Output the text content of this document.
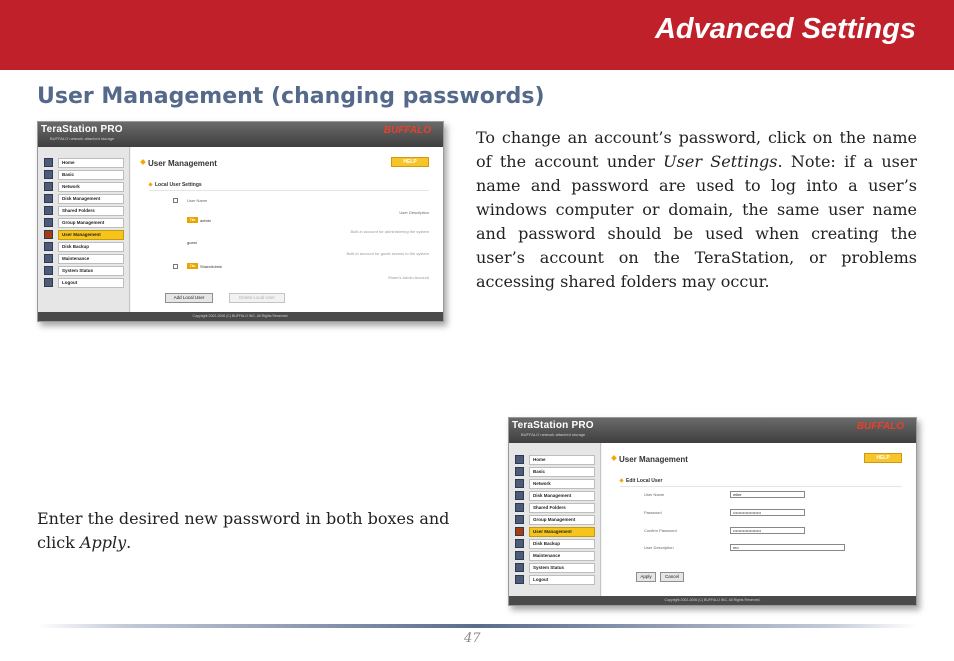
Advanced Settings
User Management (changing passwords)
TeraStation PRO
BUFFALO network attached storage
BUFFALO
Home
Basic
Network
Disk Management
Shared Folders
Group Management
User Management
Disk Backup
Maintenance
System Status
Logout
User Management	HELP
Local User Settings
User Name
User Description
7to	admin
Built-in account for administering the system
guest
Built-in account for guest access to the system
7to	ShareAdmin
Share's Admin Account
Add Local User	Delete Local User
Copyright 2002-2006 (C) BUFFALO INC. All Rights Reserved.
To change an account’s password, click on the name of the account under User Settings. Note: if a user name and password are used to log into a user’s windows computer or domain, the same user name and password should be used when creating the user’s account on the TeraStation, or problems accessing shared folders may occur.
Enter the desired new password in both boxes and click Apply.
TeraStation PRO
BUFFALO network attached storage
BUFFALO
Home
Basic
Network
Disk Management
Shared Folders
Group Management
User Management
Disk Backup
Maintenance
System Status
Logout
User Management	HELP
Edit Local User
User Name	mike
Password	••••••••••••••••••••
Confirm Password	••••••••••••••••••••
User Description	mo
Apply	Cancel
Copyright 2002-2006 (C) BUFFALO INC. All Rights Reserved.
47
